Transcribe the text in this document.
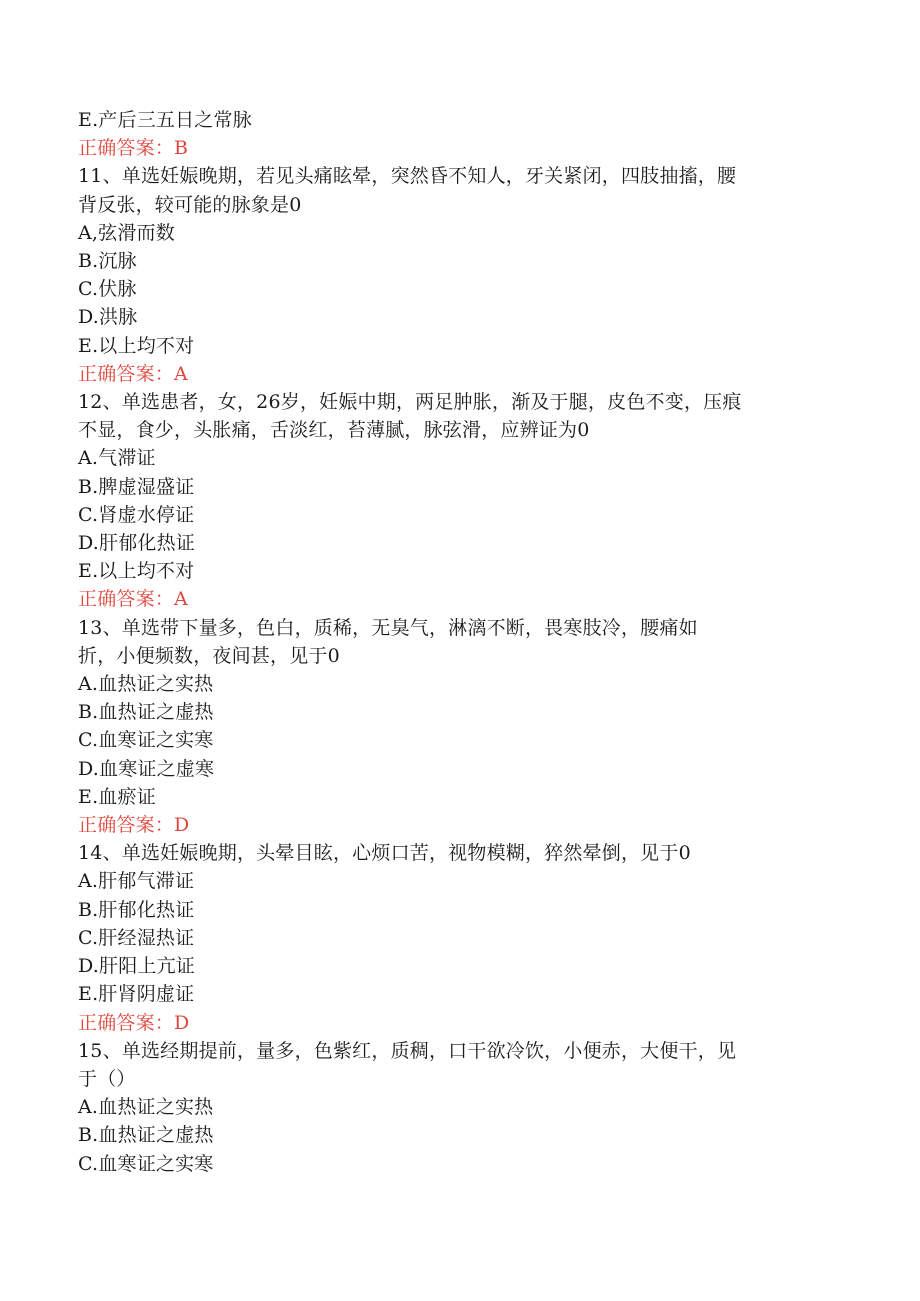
E.产后三五日之常脉
正确答案：B
11、单选妊娠晚期，若见头痛眩晕，突然昏不知人，牙关紧闭，四肢抽搐，腰
背反张，较可能的脉象是0
A,弦滑而数
B.沉脉
C.伏脉
D.洪脉
E.以上均不对
正确答案：A
12、单选患者，女，26岁，妊娠中期，两足肿胀，渐及于腿，皮色不变，压痕
不显，食少，头胀痛，舌淡红，苔薄腻，脉弦滑，应辨证为0
A.气滞证
B.脾虚湿盛证
C.肾虚水停证
D.肝郁化热证
E.以上均不对
正确答案：A
13、单选带下量多，色白，质稀，无臭气，淋漓不断，畏寒肢冷，腰痛如
折，小便频数，夜间甚，见于0
A.血热证之实热
B.血热证之虚热
C.血寒证之实寒
D.血寒证之虚寒
E.血瘀证
正确答案：D
14、单选妊娠晚期，头晕目眩，心烦口苦，视物模糊，猝然晕倒，见于0
A.肝郁气滞证
B.肝郁化热证
C.肝经湿热证
D.肝阳上亢证
E.肝肾阴虚证
正确答案：D
15、单选经期提前，量多，色紫红，质稠，口干欲冷饮，小便赤，大便干，见
于（）
A.血热证之实热
B.血热证之虚热
C.血寒证之实寒
